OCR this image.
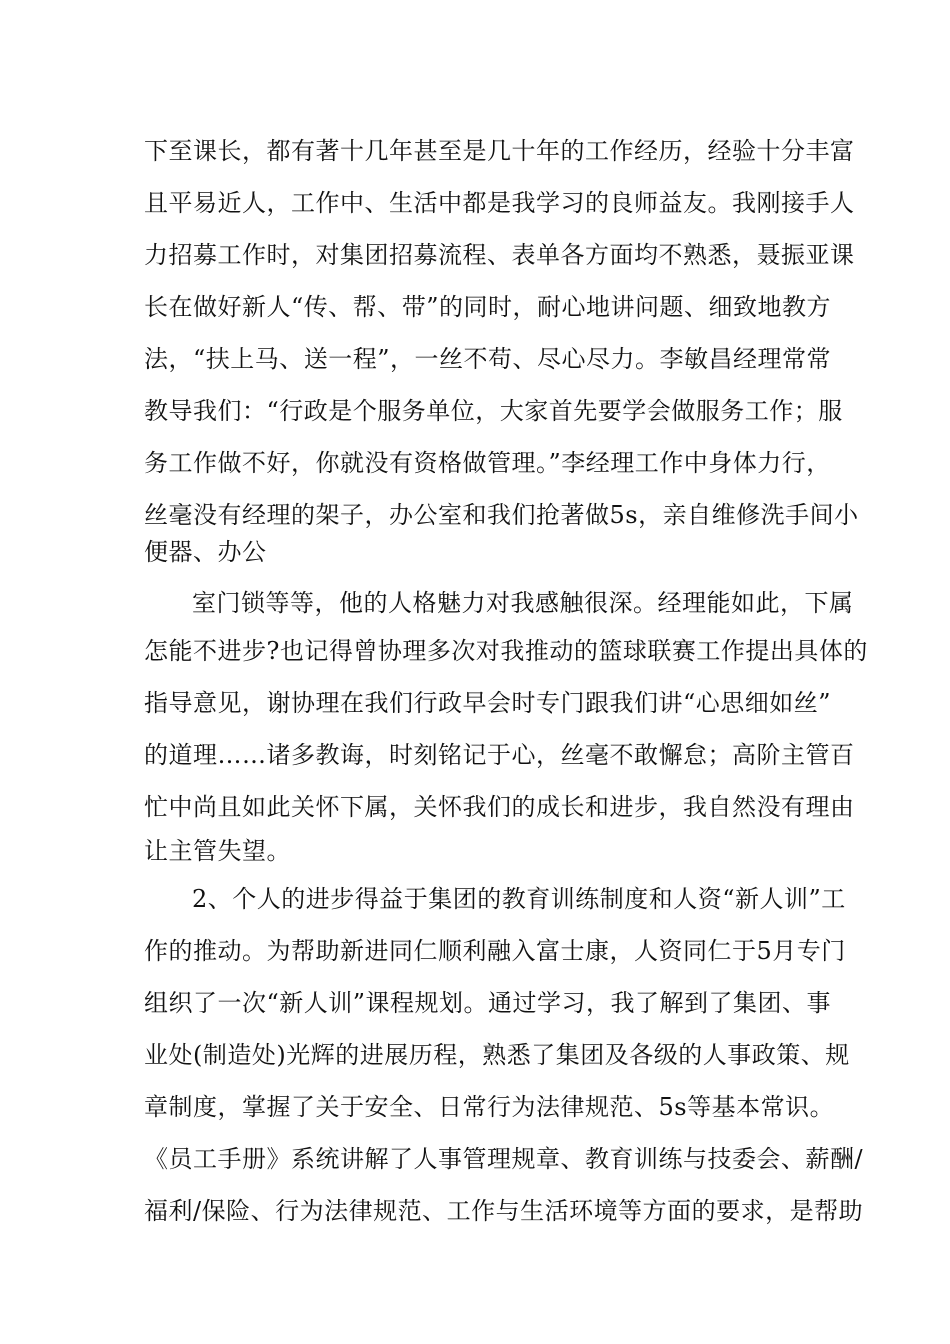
下至课长，都有著十几年甚至是几十年的工作经历，经验十分丰富
且平易近人，工作中、生活中都是我学习的良师益友。我刚接手人
力招募工作时，对集团招募流程、表单各方面均不熟悉，聂振亚课
长在做好新人“传、帮、带”的同时，耐心地讲问题、细致地教方
法，“扶上马、送一程”，一丝不苟、尽心尽力。李敏昌经理常常
教导我们：“行政是个服务单位，大家首先要学会做服务工作；服
务工作做不好，你就没有资格做管理。”李经理工作中身体力行，
丝毫没有经理的架子，办公室和我们抢著做5s，亲自维修洗手间小
便器、办公
室门锁等等，他的人格魅力对我感触很深。经理能如此，下属
怎能不进步?也记得曾协理多次对我推动的篮球联赛工作提出具体的
指导意见，谢协理在我们行政早会时专门跟我们讲“心思细如丝”
的道理……诸多教诲，时刻铭记于心，丝毫不敢懈怠；高阶主管百
忙中尚且如此关怀下属，关怀我们的成长和进步，我自然没有理由
让主管失望。
2、个人的进步得益于集团的教育训练制度和人资“新人训”工
作的推动。为帮助新进同仁顺利融入富士康，人资同仁于5月专门
组织了一次“新人训”课程规划。通过学习，我了解到了集团、事
业处(制造处)光辉的进展历程，熟悉了集团及各级的人事政策、规
章制度，掌握了关于安全、日常行为法律规范、5s等基本常识。
《员工手册》系统讲解了人事管理规章、教育训练与技委会、薪酬/
福利/保险、行为法律规范、工作与生活环境等方面的要求，是帮助
